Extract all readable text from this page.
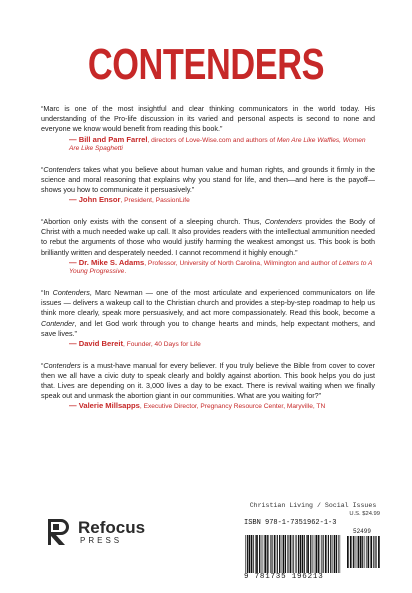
CONTENDERS

“Marc is one of the most insightful and clear thinking communicators in the world today. His understanding of the Pro-life discussion in its varied and personal aspects is second to none and everyone we know would benefit from reading this book.”

— Bill and Pam Farrel, directors of Love-Wise.com and authors of Men Are Like Waffles, Women Are Like Spaghetti

“Contenders takes what you believe about human value and human rights, and grounds it firmly in the science and moral reasoning that explains why you stand for life, and then—and here is the payoff—shows you how to communicate it persuasively.”

— John Ensor, President, PassionLife

“Abortion only exists with the consent of a sleeping church. Thus, Contenders provides the Body of Christ with a much needed wake up call. It also provides readers with the intellectual ammunition needed to rebut the arguments of those who would justify harming the weakest amongst us. This book is both brilliantly written and desperately needed. I cannot recommend it highly enough.”

— Dr. Mike S. Adams, Professor, University of North Carolina, Wilmington and author of Letters to A Young Progressive.

“In Contenders, Marc Newman — one of the most articulate and experienced communicators on life issues — delivers a wakeup call to the Christian church and provides a step-by-step roadmap to help us think more clearly, speak more persuasively, and act more compassionately. Read this book, become a Contender, and let God work through you to change hearts and minds, help expectant mothers, and save lives.”

— David Bereit, Founder, 40 Days for Life

“Contenders is a must-have manual for every believer. If you truly believe the Bible from cover to cover then we all have a civic duty to speak clearly and boldly against abortion. This book helps you do just that. Lives are depending on it. 3,000 lives a day to be exact. There is revival waiting when we finally speak out and unmask the abortion giant in our communities. What are you waiting for?”

— Valerie Millsapps, Executive Director, Pregnancy Resource Center, Maryville, TN
Refocus
PRESS
Christian Living / Social Issues
U.S. $24.99
ISBN 978-1-7351962-1-3
52499
9 781735 196213
